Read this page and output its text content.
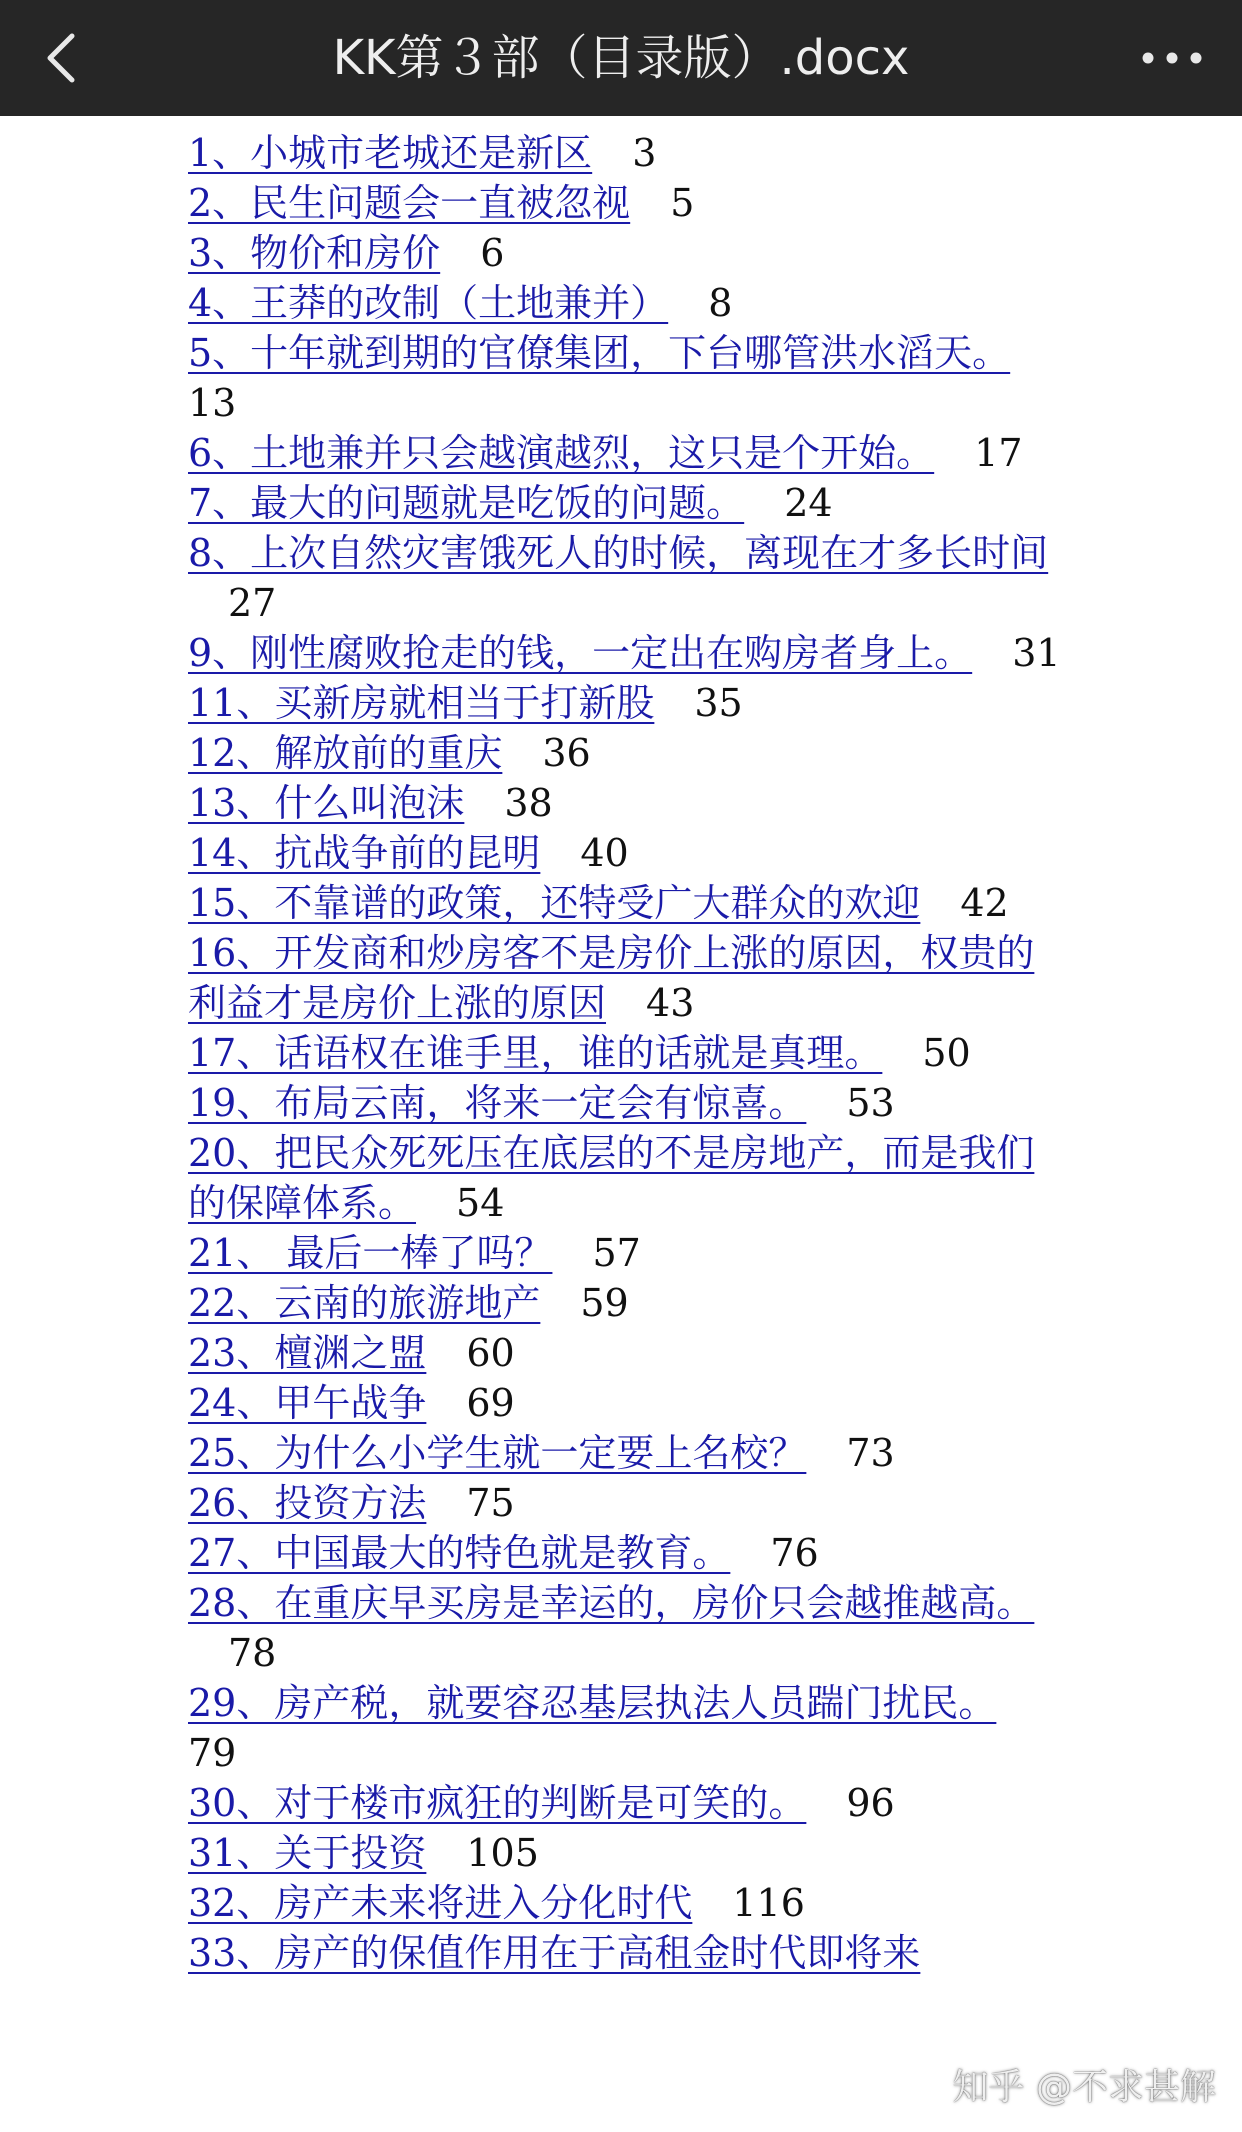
KK第３部（目录版）.docx
1、小城市老城还是新区 3
2、民生问题会一直被忽视 5
3、物价和房价 6
4、王莽的改制（土地兼并） 8
5、十年就到期的官僚集团，下台哪管洪水滔天。13
6、土地兼并只会越演越烈，这只是个开始。 17
7、最大的问题就是吃饭的问题。 24
8、上次自然灾害饿死人的时候，离现在才多长时间27
9、刚性腐败抢走的钱，一定出在购房者身上。 31
11、买新房就相当于打新股 35
12、解放前的重庆 36
13、什么叫泡沫 38
14、抗战争前的昆明 40
15、不靠谱的政策，还特受广大群众的欢迎 42
16、开发商和炒房客不是房价上涨的原因，权贵的利益才是房价上涨的原因 43
17、话语权在谁手里，谁的话就是真理。 50
19、布局云南，将来一定会有惊喜。 53
20、把民众死死压在底层的不是房地产，而是我们的保障体系。 54
21、 最后一棒了吗？ 57
22、云南的旅游地产 59
23、檀渊之盟 60
24、甲午战争 69
25、为什么小学生就一定要上名校？ 73
26、投资方法 75
27、中国最大的特色就是教育。 76
28、在重庆早买房是幸运的，房价只会越推越高。78
29、房产税，就要容忍基层执法人员踹门扰民。79
30、对于楼市疯狂的判断是可笑的。 96
31、关于投资 105
32、房产未来将进入分化时代 116
33、房产的保值作用在于高租金时代即将来
知乎 @不求甚解
